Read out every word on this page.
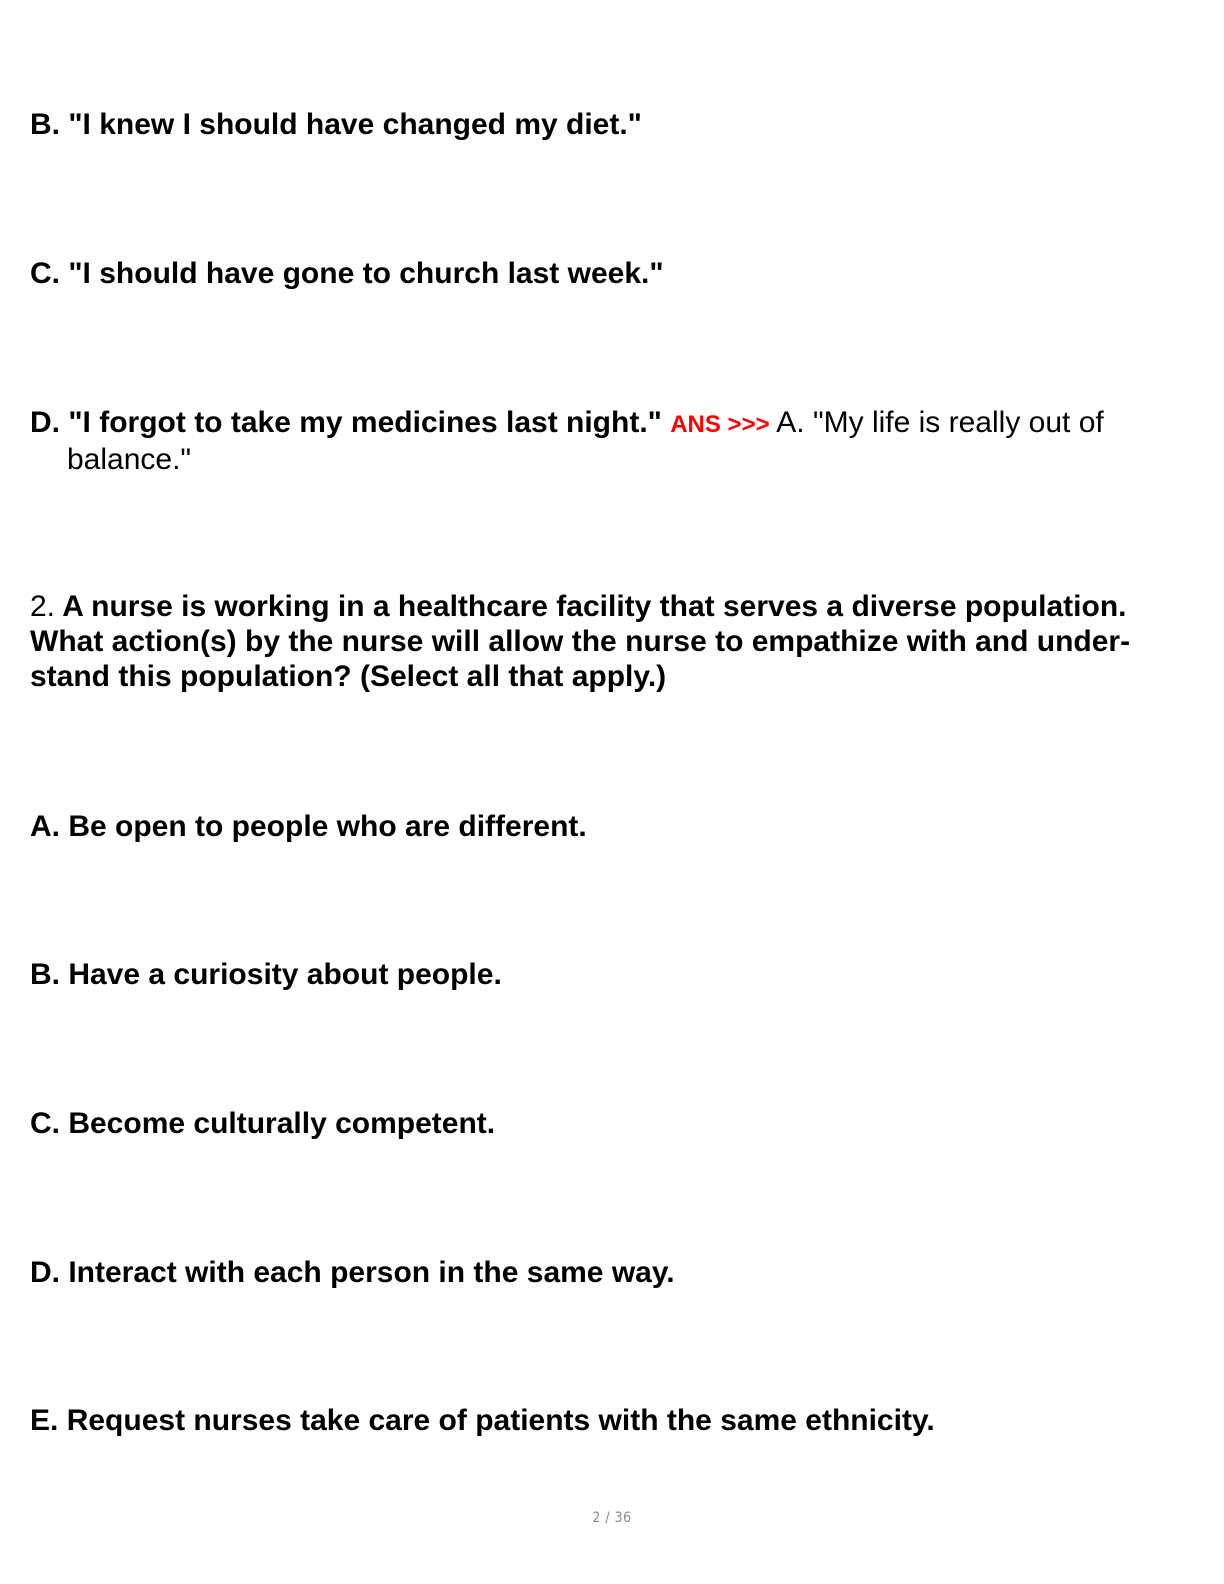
B. "I knew I should have changed my diet."

C. "I should have gone to church last week."

D. "I forgot to take my medicines last night." ANS >>> A. "My life is really out of balance."

2. A nurse is working in a healthcare facility that serves a diverse population. What action(s) by the nurse will allow the nurse to empathize with and under- stand this population? (Select all that apply.)

A. Be open to people who are different.

B. Have a curiosity about people.

C. Become culturally competent.

D. Interact with each person in the same way.

E. Request nurses take care of patients with the same ethnicity.

2 / 36
